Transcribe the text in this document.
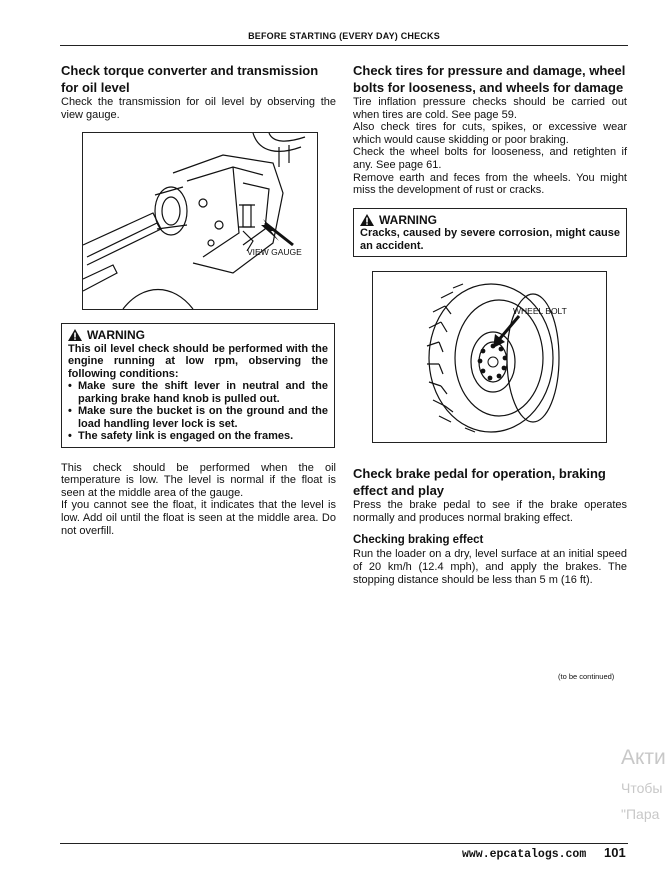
BEFORE STARTING (EVERY DAY) CHECKS
Check torque converter and transmission for oil level

Check the transmission for oil level by observing the view gauge.

VIEW GAUGE
WARNING
This oil level check should be performed with the engine running at low rpm, observing the following conditions:
• Make sure the shift lever in neutral and the parking brake hand knob is pulled out.
• Make sure the bucket is on the ground and the load handling lever lock is set.
• The safety link is engaged on the frames.

This check should be performed when the oil temperature is low. The level is normal if the float is seen at the middle area of the gauge.

If you cannot see the float, it indicates that the level is low. Add oil until the float is seen at the middle area. Do not overfill.

Check tires for pressure and damage, wheel bolts for looseness, and wheels for damage

Tire inflation pressure checks should be carried out when tires are cold. See page 59.

Also check tires for cuts, spikes, or excessive wear which would cause skidding or poor braking.

Check the wheel bolts for looseness, and retighten if any. See page 61.

Remove earth and feces from the wheels. You might miss the development of rust or cracks.

WARNING
Cracks, caused by severe corrosion, might cause an accident.
WHEEL BOLT
Check brake pedal for operation, braking effect and play

Press the brake pedal to see if the brake operates normally and produces normal braking effect.

Checking braking effect

Run the loader on a dry, level surface at an initial speed of 20 km/h (12.4 mph), and apply the brakes. The stopping distance should be less than 5 m (16 ft).

(to be continued)
Акти
Чтобы
"Пара
www.epcatalogs.com 101
